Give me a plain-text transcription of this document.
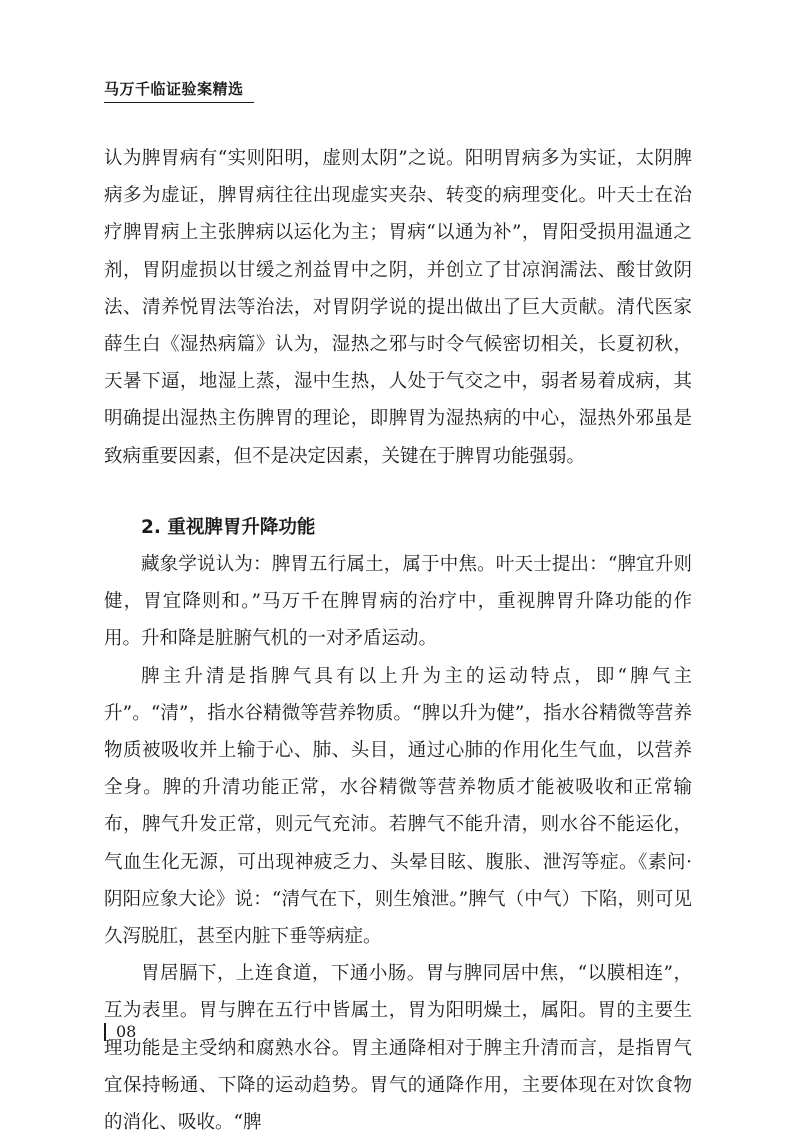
马万千临证验案精选

认为脾胃病有“实则阳明，虚则太阴”之说。阳明胃病多为实证，太阴脾病多为虚证，脾胃病往往出现虚实夹杂、转变的病理变化。叶天士在治疗脾胃病上主张脾病以运化为主；胃病“以通为补”，胃阳受损用温通之剂，胃阴虚损以甘缓之剂益胃中之阴，并创立了甘凉润濡法、酸甘敛阴法、清养悦胃法等治法，对胃阴学说的提出做出了巨大贡献。清代医家薛生白《湿热病篇》认为，湿热之邪与时令气候密切相关，长夏初秋，天暑下逼，地湿上蒸，湿中生热，人处于气交之中，弱者易着成病，其明确提出湿热主伤脾胃的理论，即脾胃为湿热病的中心，湿热外邪虽是致病重要因素，但不是决定因素，关键在于脾胃功能强弱。

2. 重视脾胃升降功能

藏象学说认为：脾胃五行属土，属于中焦。叶天士提出：“脾宜升则健，胃宜降则和。”马万千在脾胃病的治疗中，重视脾胃升降功能的作用。升和降是脏腑气机的一对矛盾运动。

脾主升清是指脾气具有以上升为主的运动特点，即“脾气主升”。“清”，指水谷精微等营养物质。“脾以升为健”，指水谷精微等营养物质被吸收并上输于心、肺、头目，通过心肺的作用化生气血，以营养全身。脾的升清功能正常，水谷精微等营养物质才能被吸收和正常输布，脾气升发正常，则元气充沛。若脾气不能升清，则水谷不能运化，气血生化无源，可出现神疲乏力、头晕目眩、腹胀、泄泻等症。《素问·阴阳应象大论》说：“清气在下，则生飧泄。”脾气（中气）下陷，则可见久泻脱肛，甚至内脏下垂等病症。

胃居膈下，上连食道，下通小肠。胃与脾同居中焦，“以膜相连”，互为表里。胃与脾在五行中皆属土，胃为阳明燥土，属阳。胃的主要生理功能是主受纳和腐熟水谷。胃主通降相对于脾主升清而言，是指胃气宜保持畅通、下降的运动趋势。胃气的通降作用，主要体现在对饮食物的消化、吸收。“脾

08
